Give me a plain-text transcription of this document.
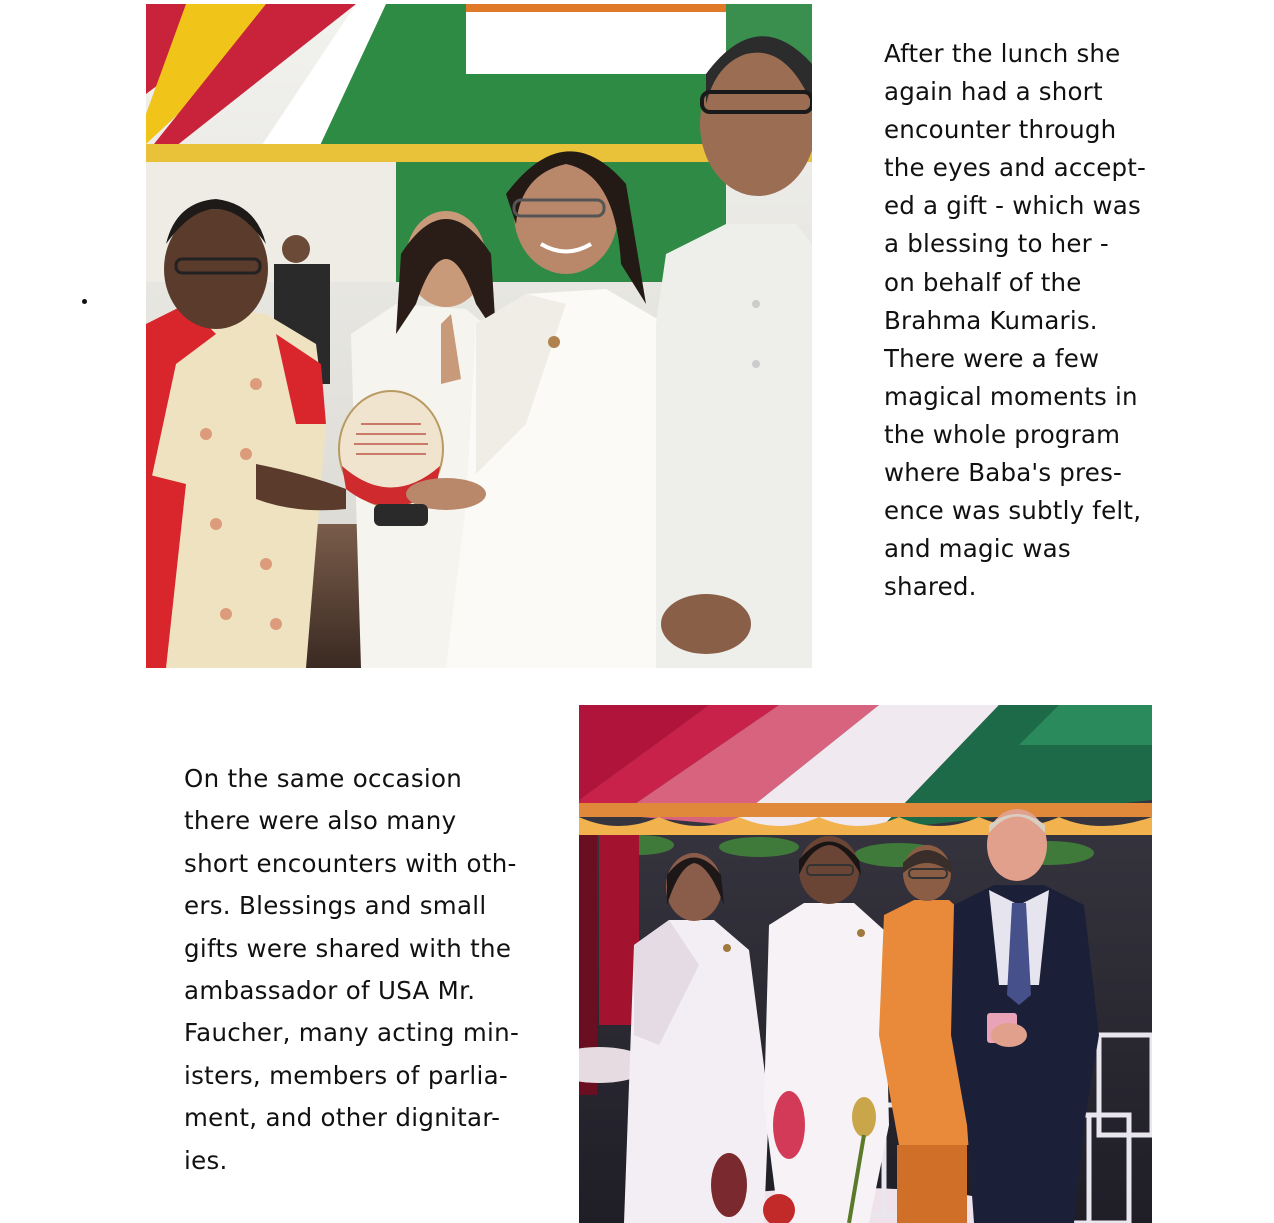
After the lunch she
again had a short
encounter through
the eyes and accept-
ed a gift - which was
a blessing to her -
on behalf of the
Brahma Kumaris.
There were a few
magical moments in
the whole program
where Baba's pres-
ence was subtly felt,
and magic was
shared.

On the same occasion
there were also many
short encounters with oth-
ers. Blessings and small
gifts were shared with the
ambassador of USA Mr.
Faucher, many acting min-
isters, members of parlia-
ment, and other dignitar-
ies.
